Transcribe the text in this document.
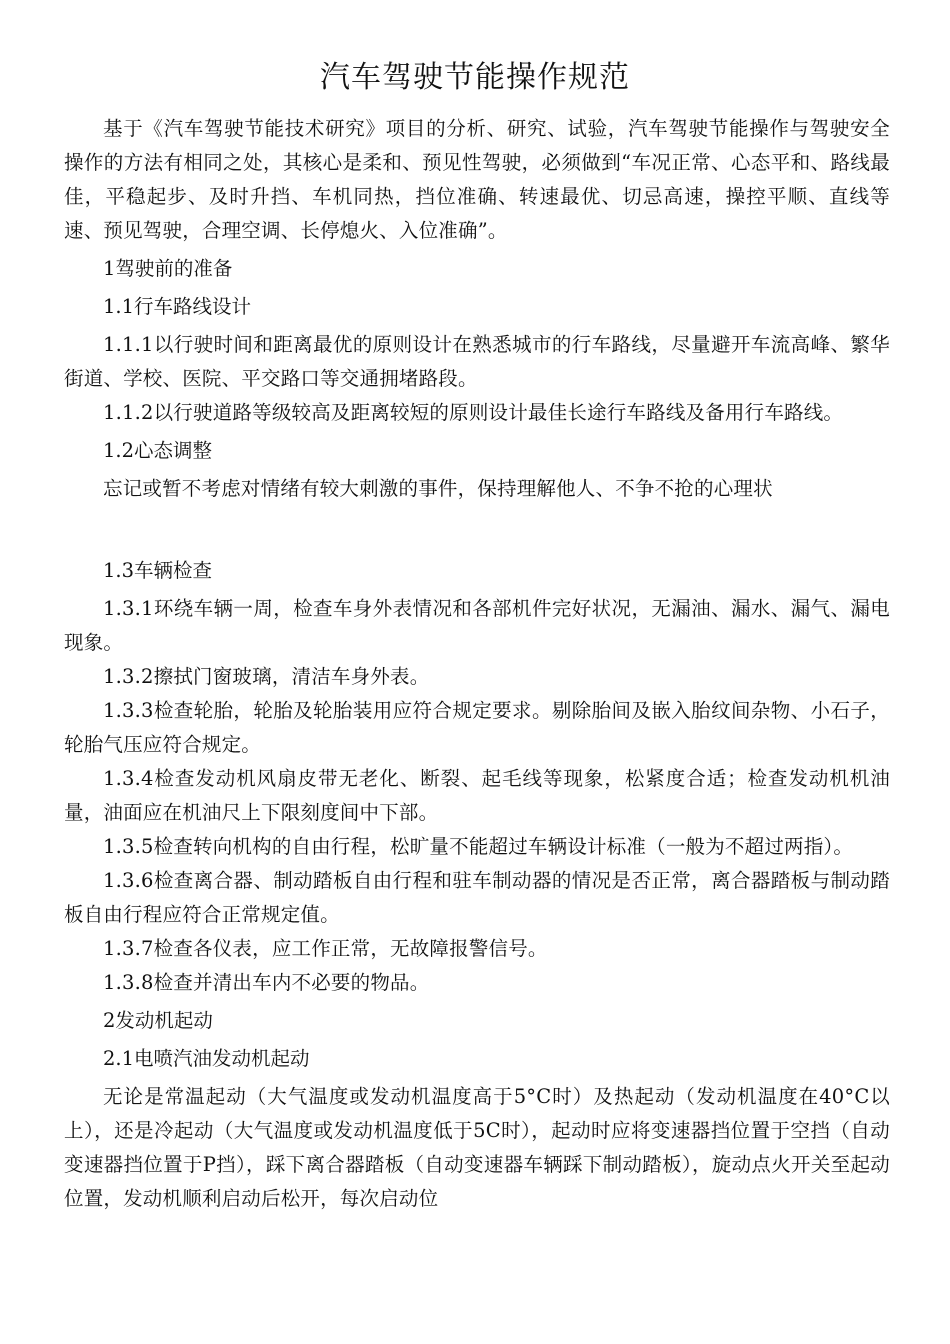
汽车驾驶节能操作规范

基于《汽车驾驶节能技术研究》项目的分析、研究、试验，汽车驾驶节能操作与驾驶安全操作的方法有相同之处，其核心是柔和、预见性驾驶，必须做到“车况正常、心态平和、路线最佳，平稳起步、及时升挡、车机同热，挡位准确、转速最优、切忌高速，操控平顺、直线等速、预见驾驶，合理空调、长停熄火、入位准确”。

1驾驶前的准备

1.1行车路线设计

1.1.1以行驶时间和距离最优的原则设计在熟悉城市的行车路线，尽量避开车流高峰、繁华街道、学校、医院、平交路口等交通拥堵路段。

1.1.2以行驶道路等级较高及距离较短的原则设计最佳长途行车路线及备用行车路线。

1.2心态调整

忘记或暂不考虑对情绪有较大刺激的事件，保持理解他人、不争不抢的心理状

1.3车辆检查

1.3.1环绕车辆一周，检查车身外表情况和各部机件完好状况，无漏油、漏水、漏气、漏电现象。

1.3.2擦拭门窗玻璃，清洁车身外表。

1.3.3检查轮胎，轮胎及轮胎装用应符合规定要求。剔除胎间及嵌入胎纹间杂物、小石子，轮胎气压应符合规定。

1.3.4检查发动机风扇皮带无老化、断裂、起毛线等现象，松紧度合适；检查发动机机油量，油面应在机油尺上下限刻度间中下部。

1.3.5检查转向机构的自由行程，松旷量不能超过车辆设计标准（一般为不超过两指）。

1.3.6检查离合器、制动踏板自由行程和驻车制动器的情况是否正常，离合器踏板与制动踏板自由行程应符合正常规定值。

1.3.7检查各仪表，应工作正常，无故障报警信号。

1.3.8检查并清出车内不必要的物品。

2发动机起动

2.1电喷汽油发动机起动

无论是常温起动（大气温度或发动机温度高于5°C时）及热起动（发动机温度在40°C以上），还是冷起动（大气温度或发动机温度低于5C时），起动时应将变速器挡位置于空挡（自动变速器挡位置于P挡），踩下离合器踏板（自动变速器车辆踩下制动踏板），旋动点火开关至起动位置，发动机顺利启动后松开，每次启动位
